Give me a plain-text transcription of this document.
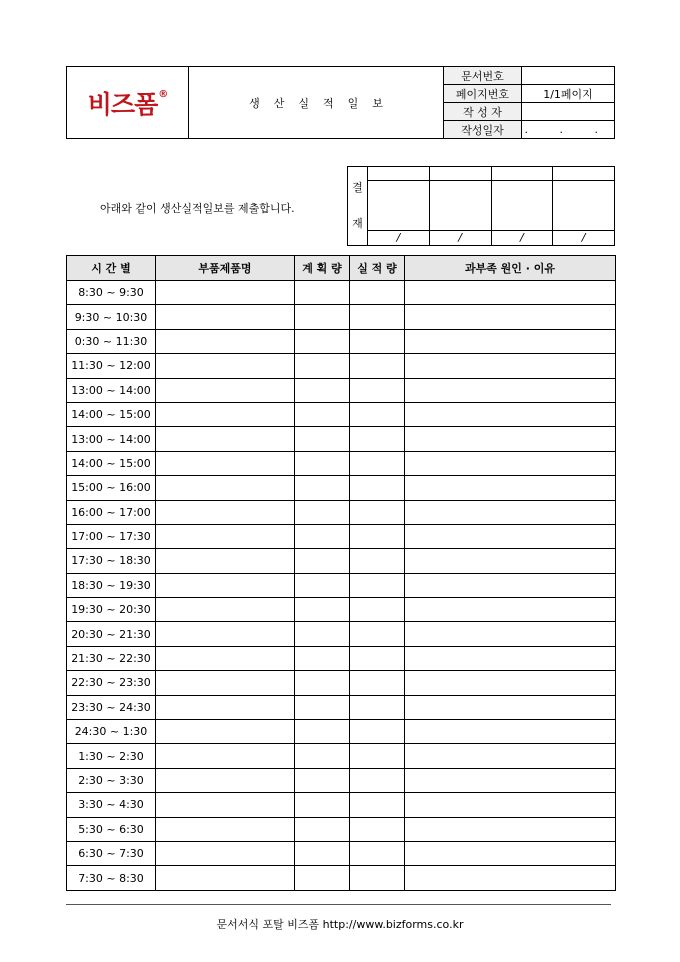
비즈폼®	생산실적일보	문서번호	
		페이지번호	1/1페이지
		작 성 자	
		작성일자	. . .
아래와 같이 생산실적일보를 제출합니다.
결
재				

	/	/	/	/
시 간 별	부품제품명	계 획 량	실 적 량	과부족 원인 · 이유
8:30 ~ 9:30				
9:30 ~ 10:30				
0:30 ~ 11:30				
11:30 ~ 12:00				
13:00 ~ 14:00				
14:00 ~ 15:00				
13:00 ~ 14:00				
14:00 ~ 15:00				
15:00 ~ 16:00				
16:00 ~ 17:00				
17:00 ~ 17:30				
17:30 ~ 18:30				
18:30 ~ 19:30				
19:30 ~ 20:30				
20:30 ~ 21:30				
21:30 ~ 22:30				
22:30 ~ 23:30				
23:30 ~ 24:30				
24:30 ~ 1:30				
1:30 ~ 2:30				
2:30 ~ 3:30				
3:30 ~ 4:30				
5:30 ~ 6:30				
6:30 ~ 7:30				
7:30 ~ 8:30				
문서서식 포탈 비즈폼 http://www.bizforms.co.kr
